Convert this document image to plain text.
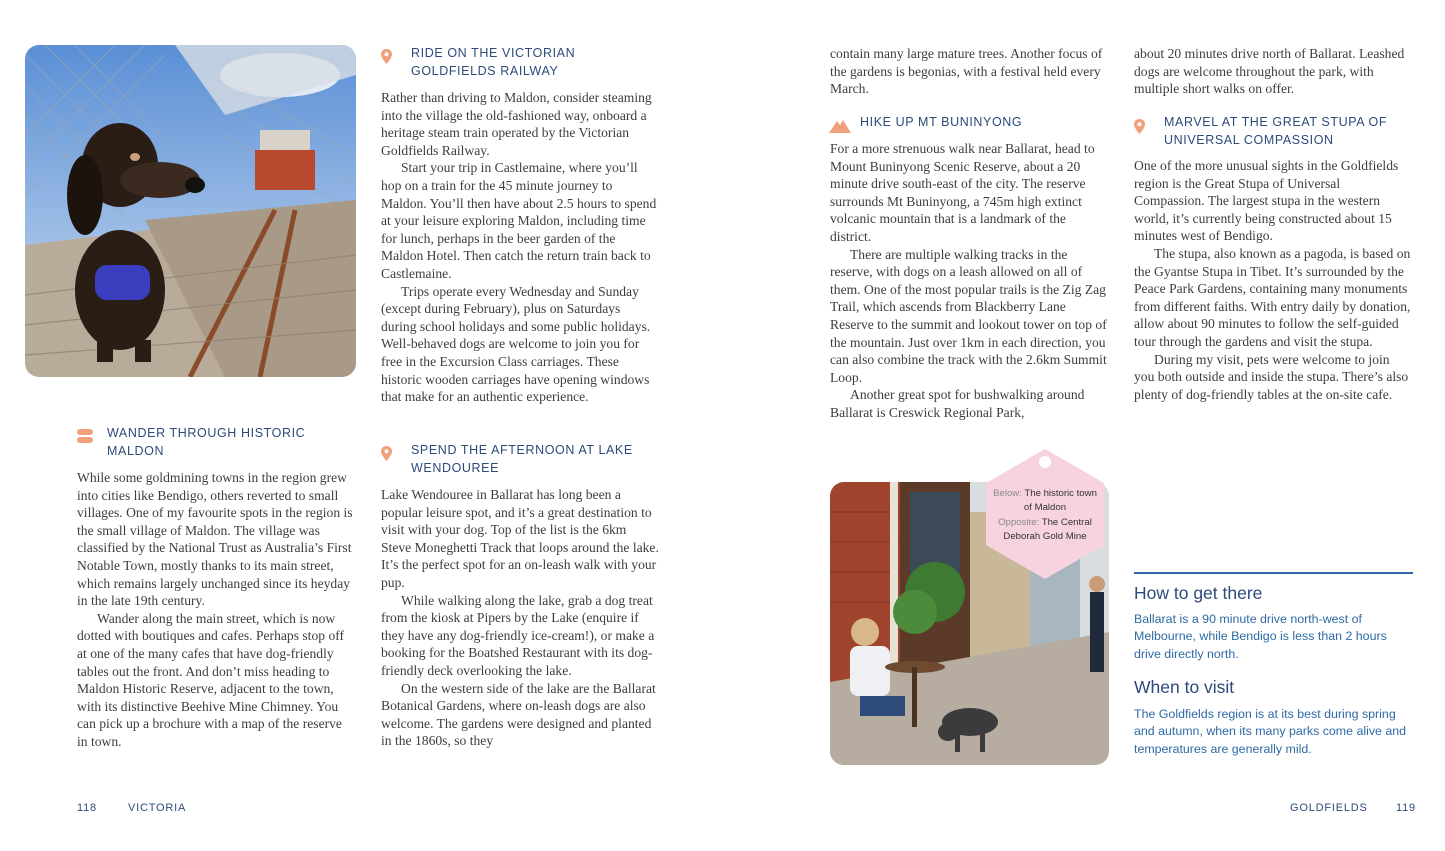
WANDER THROUGH HISTORIC MALDON

While some goldmining towns in the region grew into cities like Bendigo, others reverted to small villages. One of my favourite spots in the region is the small village of Maldon. The village was classified by the National Trust as Australia’s First Notable Town, mostly thanks to its main street, which remains largely unchanged since its heyday in the late 19th century.

Wander along the main street, which is now dotted with boutiques and cafes. Perhaps stop off at one of the many cafes that have dog-friendly tables out the front. And don’t miss heading to Maldon Historic Reserve, adjacent to the town, with its distinctive Beehive Mine Chimney. You can pick up a brochure with a map of the reserve in town.

RIDE ON THE VICTORIAN GOLDFIELDS RAILWAY

Rather than driving to Maldon, consider steaming into the village the old-fashioned way, onboard a heritage steam train operated by the Victorian Goldfields Railway.

Start your trip in Castlemaine, where you’ll hop on a train for the 45 minute journey to Maldon. You’ll then have about 2.5 hours to spend at your leisure exploring Maldon, including time for lunch, perhaps in the beer garden of the Maldon Hotel. Then catch the return train back to Castlemaine.

Trips operate every Wednesday and Sunday (except during February), plus on Saturdays during school holidays and some public holidays. Well-behaved dogs are welcome to join you for free in the Excursion Class carriages. These historic wooden carriages have opening windows that make for an authentic experience.

SPEND THE AFTERNOON AT LAKE WENDOUREE

Lake Wendouree in Ballarat has long been a popular leisure spot, and it’s a great destination to visit with your dog. Top of the list is the 6km Steve Moneghetti Track that loops around the lake. It’s the perfect spot for an on-leash walk with your pup.

While walking along the lake, grab a dog treat from the kiosk at Pipers by the Lake (enquire if they have any dog-friendly ice-cream!), or make a booking for the Boatshed Restaurant with its dog-friendly deck overlooking the lake.

On the western side of the lake are the Ballarat Botanical Gardens, where on-leash dogs are also welcome. The gardens were designed and planted in the 1860s, so they

118	VICTORIA

contain many large mature trees. Another focus of the gardens is begonias, with a festival held every March.

HIKE UP MT BUNINYONG

For a more strenuous walk near Ballarat, head to Mount Buninyong Scenic Reserve, about a 20 minute drive south-east of the city. The reserve surrounds Mt Buninyong, a 745m high extinct volcanic mountain that is a landmark of the district.

There are multiple walking tracks in the reserve, with dogs on a leash allowed on all of them. One of the most popular trails is the Zig Zag Trail, which ascends from Blackberry Lane Reserve to the summit and lookout tower on top of the mountain. Just over 1km in each direction, you can also combine the track with the 2.6km Summit Loop.

Another great spot for bushwalking around Ballarat is Creswick Regional Park,

about 20 minutes drive north of Ballarat. Leashed dogs are welcome throughout the park, with multiple short walks on offer.

MARVEL AT THE GREAT STUPA OF UNIVERSAL COMPASSION

One of the more unusual sights in the Goldfields region is the Great Stupa of Universal Compassion. The largest stupa in the western world, it’s currently being constructed about 15 minutes west of Bendigo.

The stupa, also known as a pagoda, is based on the Gyantse Stupa in Tibet. It’s surrounded by the Peace Park Gardens, containing many monuments from different faiths. With entry daily by donation, allow about 90 minutes to follow the self-guided tour through the gardens and visit the stupa.

During my visit, pets were welcome to join you both outside and inside the stupa. There’s also plenty of dog-friendly tables at the on-site cafe.

Below: The historic town of Maldon
Opposite: The Central Deborah Gold Mine
How to get there
Ballarat is a 90 minute drive north-west of Melbourne, while Bendigo is less than 2 hours drive directly north.
When to visit
The Goldfields region is at its best during spring and autumn, when its many parks come alive and temperatures are generally mild.
GOLDFIELDS	119
